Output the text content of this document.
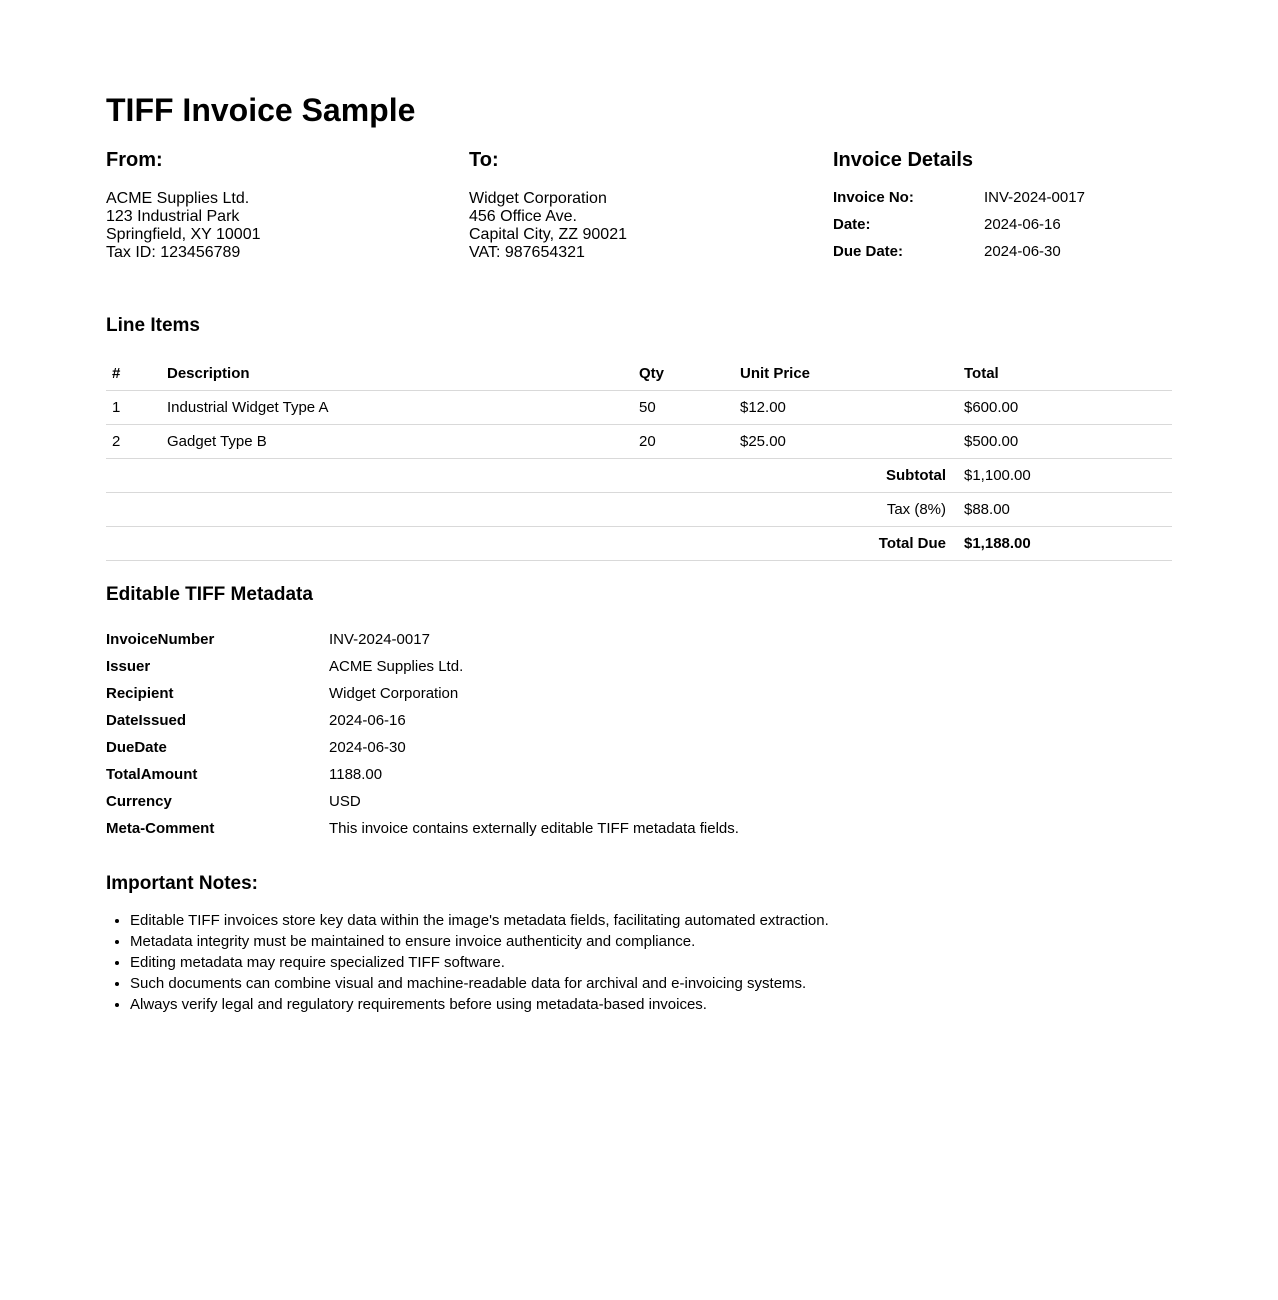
TIFF Invoice Sample
From:
ACME Supplies Ltd.
123 Industrial Park
Springfield, XY 10001
Tax ID: 123456789
To:
Widget Corporation
456 Office Ave.
Capital City, ZZ 90021
VAT: 987654321
Invoice Details
Invoice No:	INV-2024-0017
Date:	2024-06-16
Due Date:	2024-06-30
Line Items
#	Description	Qty	Unit Price	Total
1	Industrial Widget Type A	50	$12.00	$600.00
2	Gadget Type B	20	$25.00	$500.00
Subtotal				$1,100.00
Tax (8%)				$88.00
Total Due				$1,188.00
Editable TIFF Metadata
InvoiceNumber	INV-2024-0017
Issuer	ACME Supplies Ltd.
Recipient	Widget Corporation
DateIssued	2024-06-16
DueDate	2024-06-30
TotalAmount	1188.00
Currency	USD
Meta-Comment	This invoice contains externally editable TIFF metadata fields.
Important Notes:
• Editable TIFF invoices store key data within the image's metadata fields, facilitating automated extraction.
• Metadata integrity must be maintained to ensure invoice authenticity and compliance.
• Editing metadata may require specialized TIFF software.
• Such documents can combine visual and machine-readable data for archival and e-invoicing systems.
• Always verify legal and regulatory requirements before using metadata-based invoices.
